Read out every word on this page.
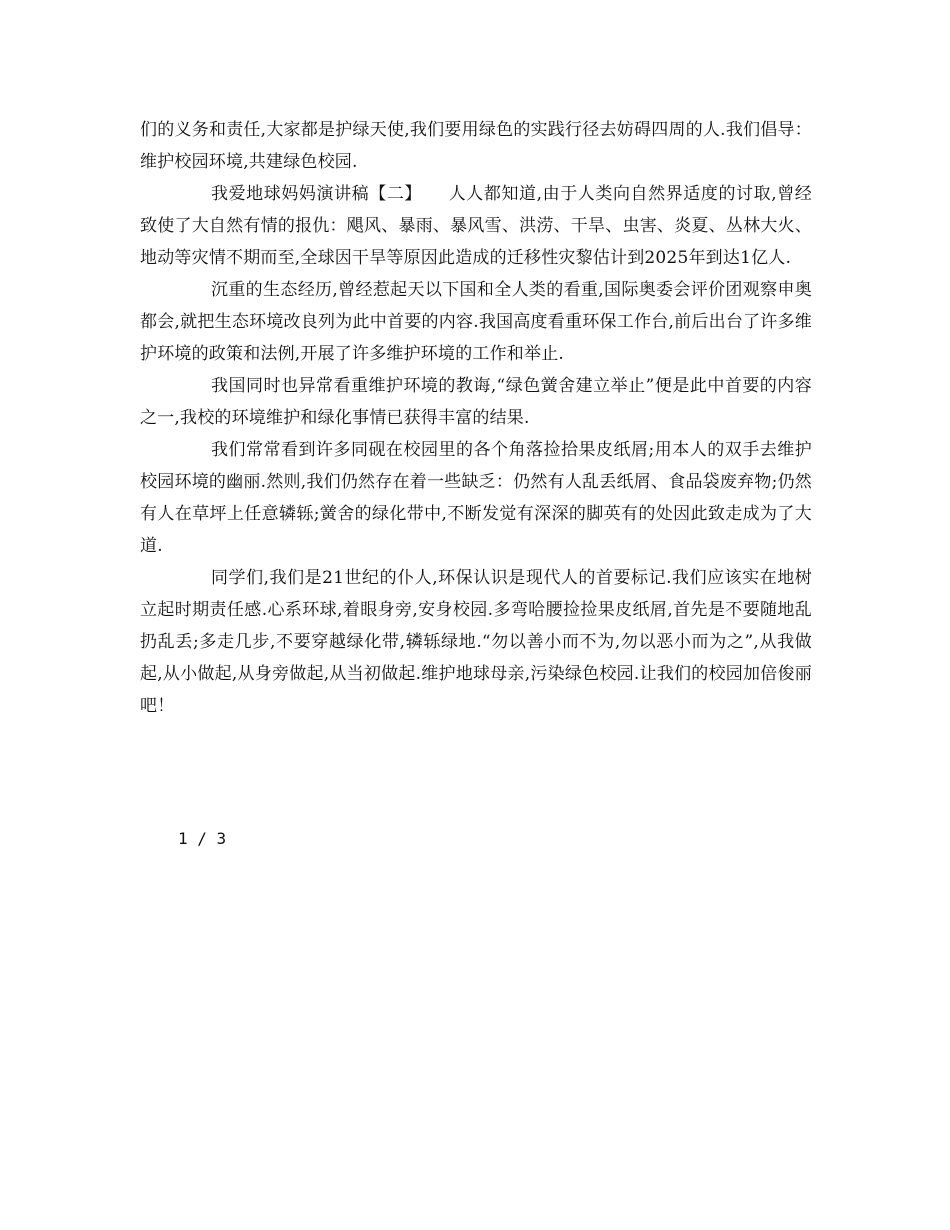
们的义务和责任,大家都是护绿天使,我们要用绿色的实践行径去妨碍四周的人.我们倡导：维护校园环境,共建绿色校园.

我爱地球妈妈演讲稿【二】　　人人都知道,由于人类向自然界适度的讨取,曾经致使了大自然有情的报仇：飓风、暴雨、暴风雪、洪涝、干旱、虫害、炎夏、丛林大火、地动等灾情不期而至,全球因干旱等原因此造成的迁移性灾黎估计到2025年到达1亿人.

沉重的生态经历,曾经惹起天以下国和全人类的看重,国际奥委会评价团观察申奥都会,就把生态环境改良列为此中首要的内容.我国高度看重环保工作台,前后出台了许多维护环境的政策和法例,开展了许多维护环境的工作和举止.

我国同时也异常看重维护环境的教诲,“绿色黉舍建立举止”便是此中首要的内容之一,我校的环境维护和绿化事情已获得丰富的结果.

我们常常看到许多同砚在校园里的各个角落捡拾果皮纸屑;用本人的双手去维护校园环境的幽丽.然则,我们仍然存在着一些缺乏：仍然有人乱丢纸屑、食品袋废弃物;仍然有人在草坪上任意辚轹;黉舍的绿化带中,不断发觉有深深的脚英有的处因此致走成为了大道.

同学们,我们是21世纪的仆人,环保认识是现代人的首要标记.我们应该实在地树立起时期责任感.心系环球,着眼身旁,安身校园.多弯哈腰捡捡果皮纸屑,首先是不要随地乱扔乱丢;多走几步,不要穿越绿化带,辚轹绿地.“勿以善小而不为,勿以恶小而为之”,从我做起,从小做起,从身旁做起,从当初做起.维护地球母亲,污染绿色校园.让我们的校园加倍俊丽吧！

1 / 3
